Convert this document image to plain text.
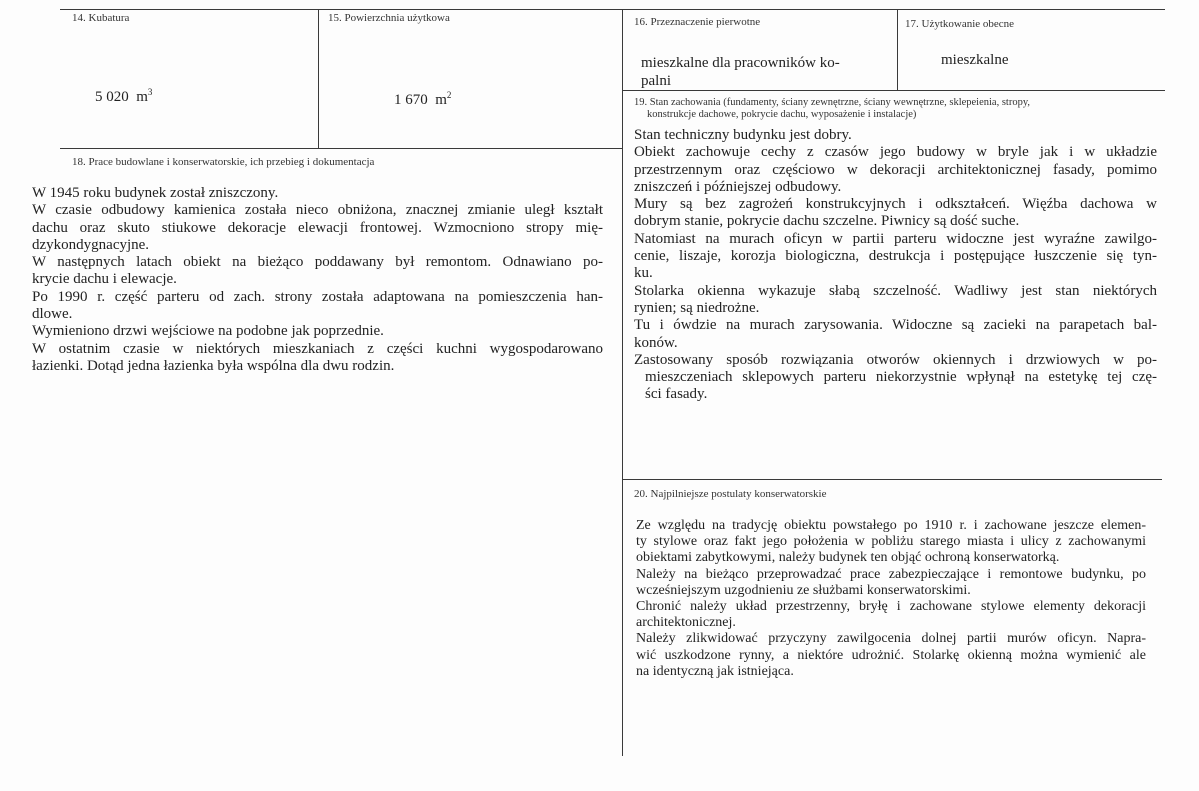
14. Kubatura
5 020 $m^3$
15. Powierzchnia użytkowa
1 670 $m^2$
16. Przeznaczenie pierwotne
mieszkalne dla pracowników ko-
palni
17. Użytkowanie obecne
mieszkalne
18. Prace budowlane i konserwatorskie, ich przebieg i dokumentacja
W 1945 roku budynek został zniszczony.
W czasie odbudowy kamienica została nieco obniżona, znacznej zmianie uległ kształt
dachu oraz skuto stiukowe dekoracje elewacji frontowej. Wzmocniono stropy mię-
dzykondygnacyjne.
W następnych latach obiekt na bieżąco poddawany był remontom. Odnawiano po-
krycie dachu i elewacje.
Po 1990 r. część parteru od zach. strony została adaptowana na pomieszczenia han-
dlowe.
Wymieniono drzwi wejściowe na podobne jak poprzednie.
W ostatnim czasie w niektórych mieszkaniach z części kuchni wygospodarowano
łazienki. Dotąd jedna łazienka była wspólna dla dwu rodzin.
19. Stan zachowania (fundamenty, ściany zewnętrzne, ściany wewnętrzne, sklepeienia, stropy,
konstrukcje dachowe, pokrycie dachu, wyposażenie i instalacje)
Stan techniczny budynku jest dobry.
Obiekt zachowuje cechy z czasów jego budowy w bryle jak i w układzie
przestrzennym oraz częściowo w dekoracji architektonicznej fasady, pomimo
zniszczeń i późniejszej odbudowy.
Mury są bez zagrożeń konstrukcyjnych i odkształceń. Więźba dachowa w
dobrym stanie, pokrycie dachu szczelne. Piwnicy są dość suche.
Natomiast na murach oficyn w partii parteru widoczne jest wyraźne zawilgo-
cenie, liszaje, korozja biologiczna, destrukcja i postępujące łuszczenie się tyn-
ku.
Stolarka okienna wykazuje słabą szczelność. Wadliwy jest stan niektórych
rynien; są niedrożne.
Tu i ówdzie na murach zarysowania. Widoczne są zacieki na parapetach bal-
konów.
Zastosowany sposób rozwiązania otworów okiennych i drzwiowych w po-
mieszczeniach sklepowych parteru niekorzystnie wpłynął na estetykę tej czę-
ści fasady.
20. Najpilniejsze postulaty konserwatorskie
Ze względu na tradycję obiektu powstałego po 1910 r. i zachowane jeszcze elemen-
ty stylowe oraz fakt jego położenia w pobliżu starego miasta i ulicy z zachowanymi
obiektami zabytkowymi, należy budynek ten objąć ochroną konserwatorką.
Należy na bieżąco przeprowadzać prace zabezpieczające i remontowe budynku, po
wcześniejszym uzgodnieniu ze służbami konserwatorskimi.
Chronić należy układ przestrzenny, bryłę i zachowane stylowe elementy dekoracji
architektonicznej.
Należy zlikwidować przyczyny zawilgocenia dolnej partii murów oficyn. Napra-
wić uszkodzone rynny, a niektóre udrożnić. Stolarkę okienną można wymienić ale
na identyczną jak istniejąca.
